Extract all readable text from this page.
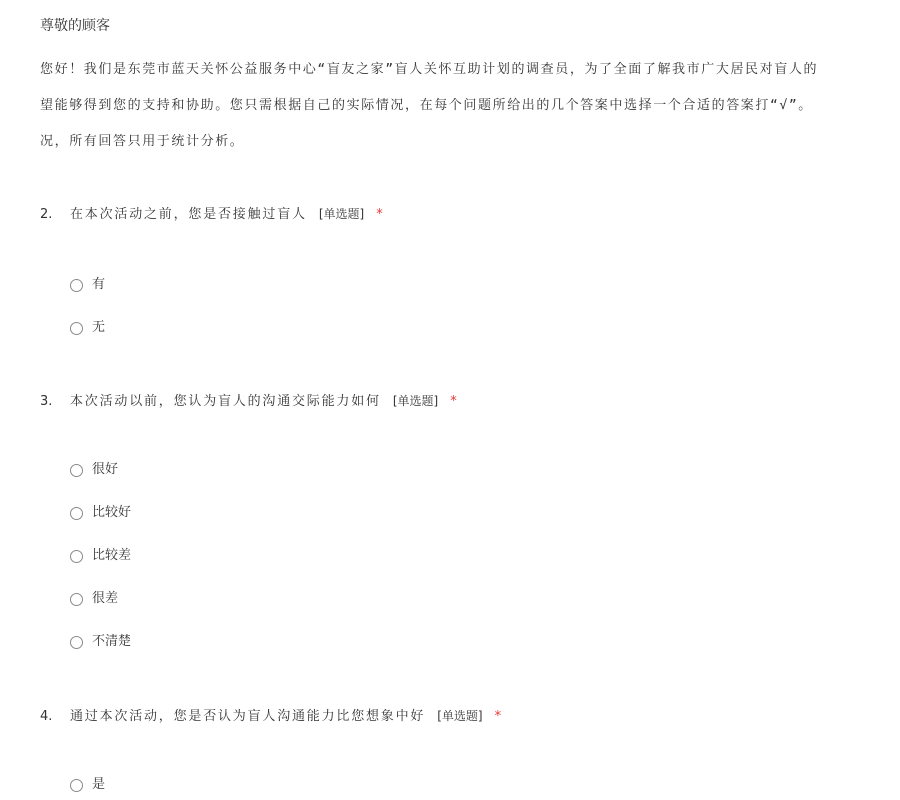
尊敬的顾客
您好！我们是东莞市蓝天关怀公益服务中心“盲友之家”盲人关怀互助计划的调查员，为了全面了解我市广大居民对盲人的
望能够得到您的支持和协助。您只需根据自己的实际情况，在每个问题所给出的几个答案中选择一个合适的答案打“√”。
况，所有回答只用于统计分析。
2. 在本次活动之前，您是否接触过盲人 [单选题] *
有
无
3. 本次活动以前，您认为盲人的沟通交际能力如何 [单选题] *
很好
比较好
比较差
很差
不清楚
4. 通过本次活动，您是否认为盲人沟通能力比您想象中好 [单选题] *
是
